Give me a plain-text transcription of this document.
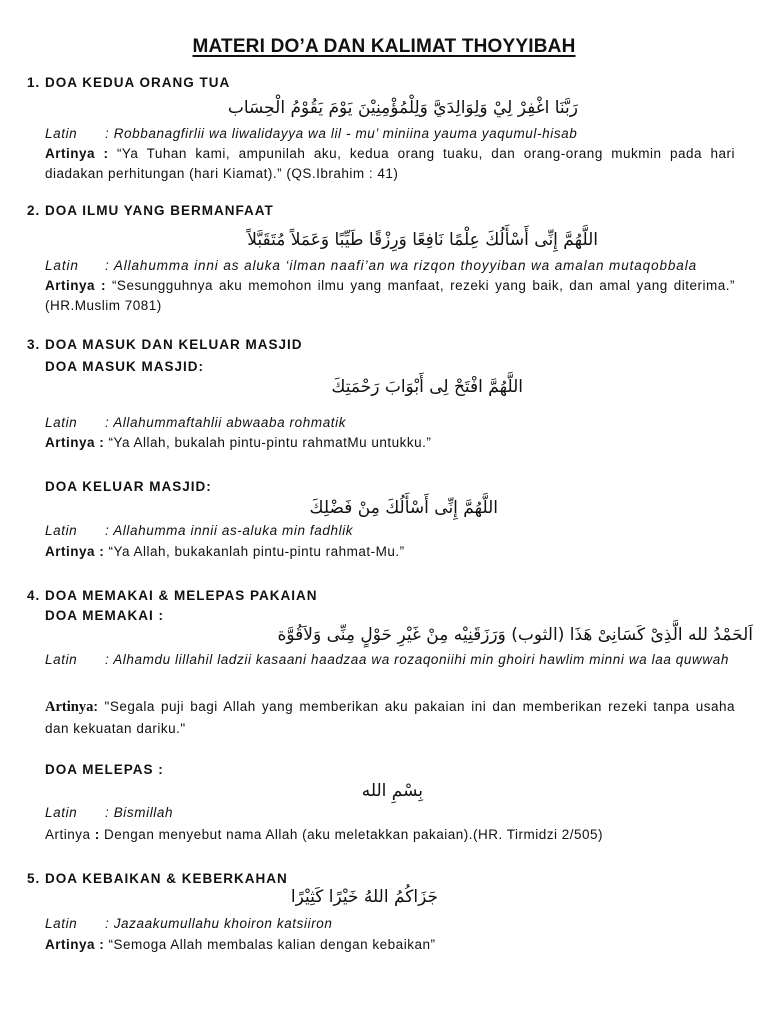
MATERI DO’A DAN KALIMAT THOYYIBAH
1. DOA KEDUA ORANG TUA
رَبَّنَا اغْفِرْ لِيْ وَلِوَالِدَيَّ وَلِلْمُؤْمِنِيْنَ يَوْمَ يَقُوْمُ الْحِسَاب
Latin : Robbanagfirlii wa liwalidayya wa lil - mu’ miniina yauma yaqumul-hisab
Artinya : “Ya Tuhan kami, ampunilah aku, kedua orang tuaku, dan orang-orang mukmin pada hari diadakan perhitungan (hari Kiamat).” (QS.Ibrahim : 41)
2. DOA ILMU YANG BERMANFAAT
اللَّهُمَّ إِنِّى أَسْأَلُكَ عِلْمًا نَافِعًا وَرِزْقًا طَيِّبًا وَعَمَلاً مُتَقَبَّلاً
Latin : Allahumma inni as aluka ‘ilman naafi’an wa rizqon thoyyiban wa amalan mutaqobbala
Artinya : “Sesungguhnya aku memohon ilmu yang manfaat, rezeki yang baik, dan amal yang diterima.” (HR.Muslim 7081)
3. DOA MASUK DAN KELUAR MASJID
DOA MASUK MASJID:
اللَّهُمَّ افْتَحْ لِى أَبْوَابَ رَحْمَتِكَ
Latin : Allahummaftahlii abwaaba rohmatik
Artinya : “Ya Allah, bukalah pintu-pintu rahmatMu untukku.”
DOA KELUAR MASJID:
اللَّهُمَّ إِنِّى أَسْأَلُكَ مِنْ فَضْلِكَ
Latin : Allahumma innii as-aluka min fadhlik
Artinya : “Ya Allah, bukakanlah pintu-pintu rahmat-Mu.”
4. DOA MEMAKAI & MELEPAS PAKAIAN
DOA MEMAKAI :
اَلحَمْدُ لله الَّذِىْ كَسَانِىْ هَذَا (الثوب) وَرَزَقَنِيْه مِنْ غَيْرِ حَوْلٍ مِنِّى وَلاَقُوَّة
Latin : Alhamdu lillahil ladzii kasaani haadzaa wa rozaqoniihi min ghoiri hawlim minni wa laa quwwah
Artinya: "Segala puji bagi Allah yang memberikan aku pakaian ini dan memberikan rezeki tanpa usaha dan kekuatan dariku."
DOA MELEPAS :
بِسْمِ الله
Latin : Bismillah
Artinya : Dengan menyebut nama Allah (aku meletakkan pakaian).(HR. Tirmidzi 2/505)
5. DOA KEBAIKAN & KEBERKAHAN
جَزَاكُمُ اللهُ خَيْرًا كَثِيْرًا
Latin : Jazaakumullahu khoiron katsiiron
Artinya : “Semoga Allah membalas kalian dengan kebaikan”
